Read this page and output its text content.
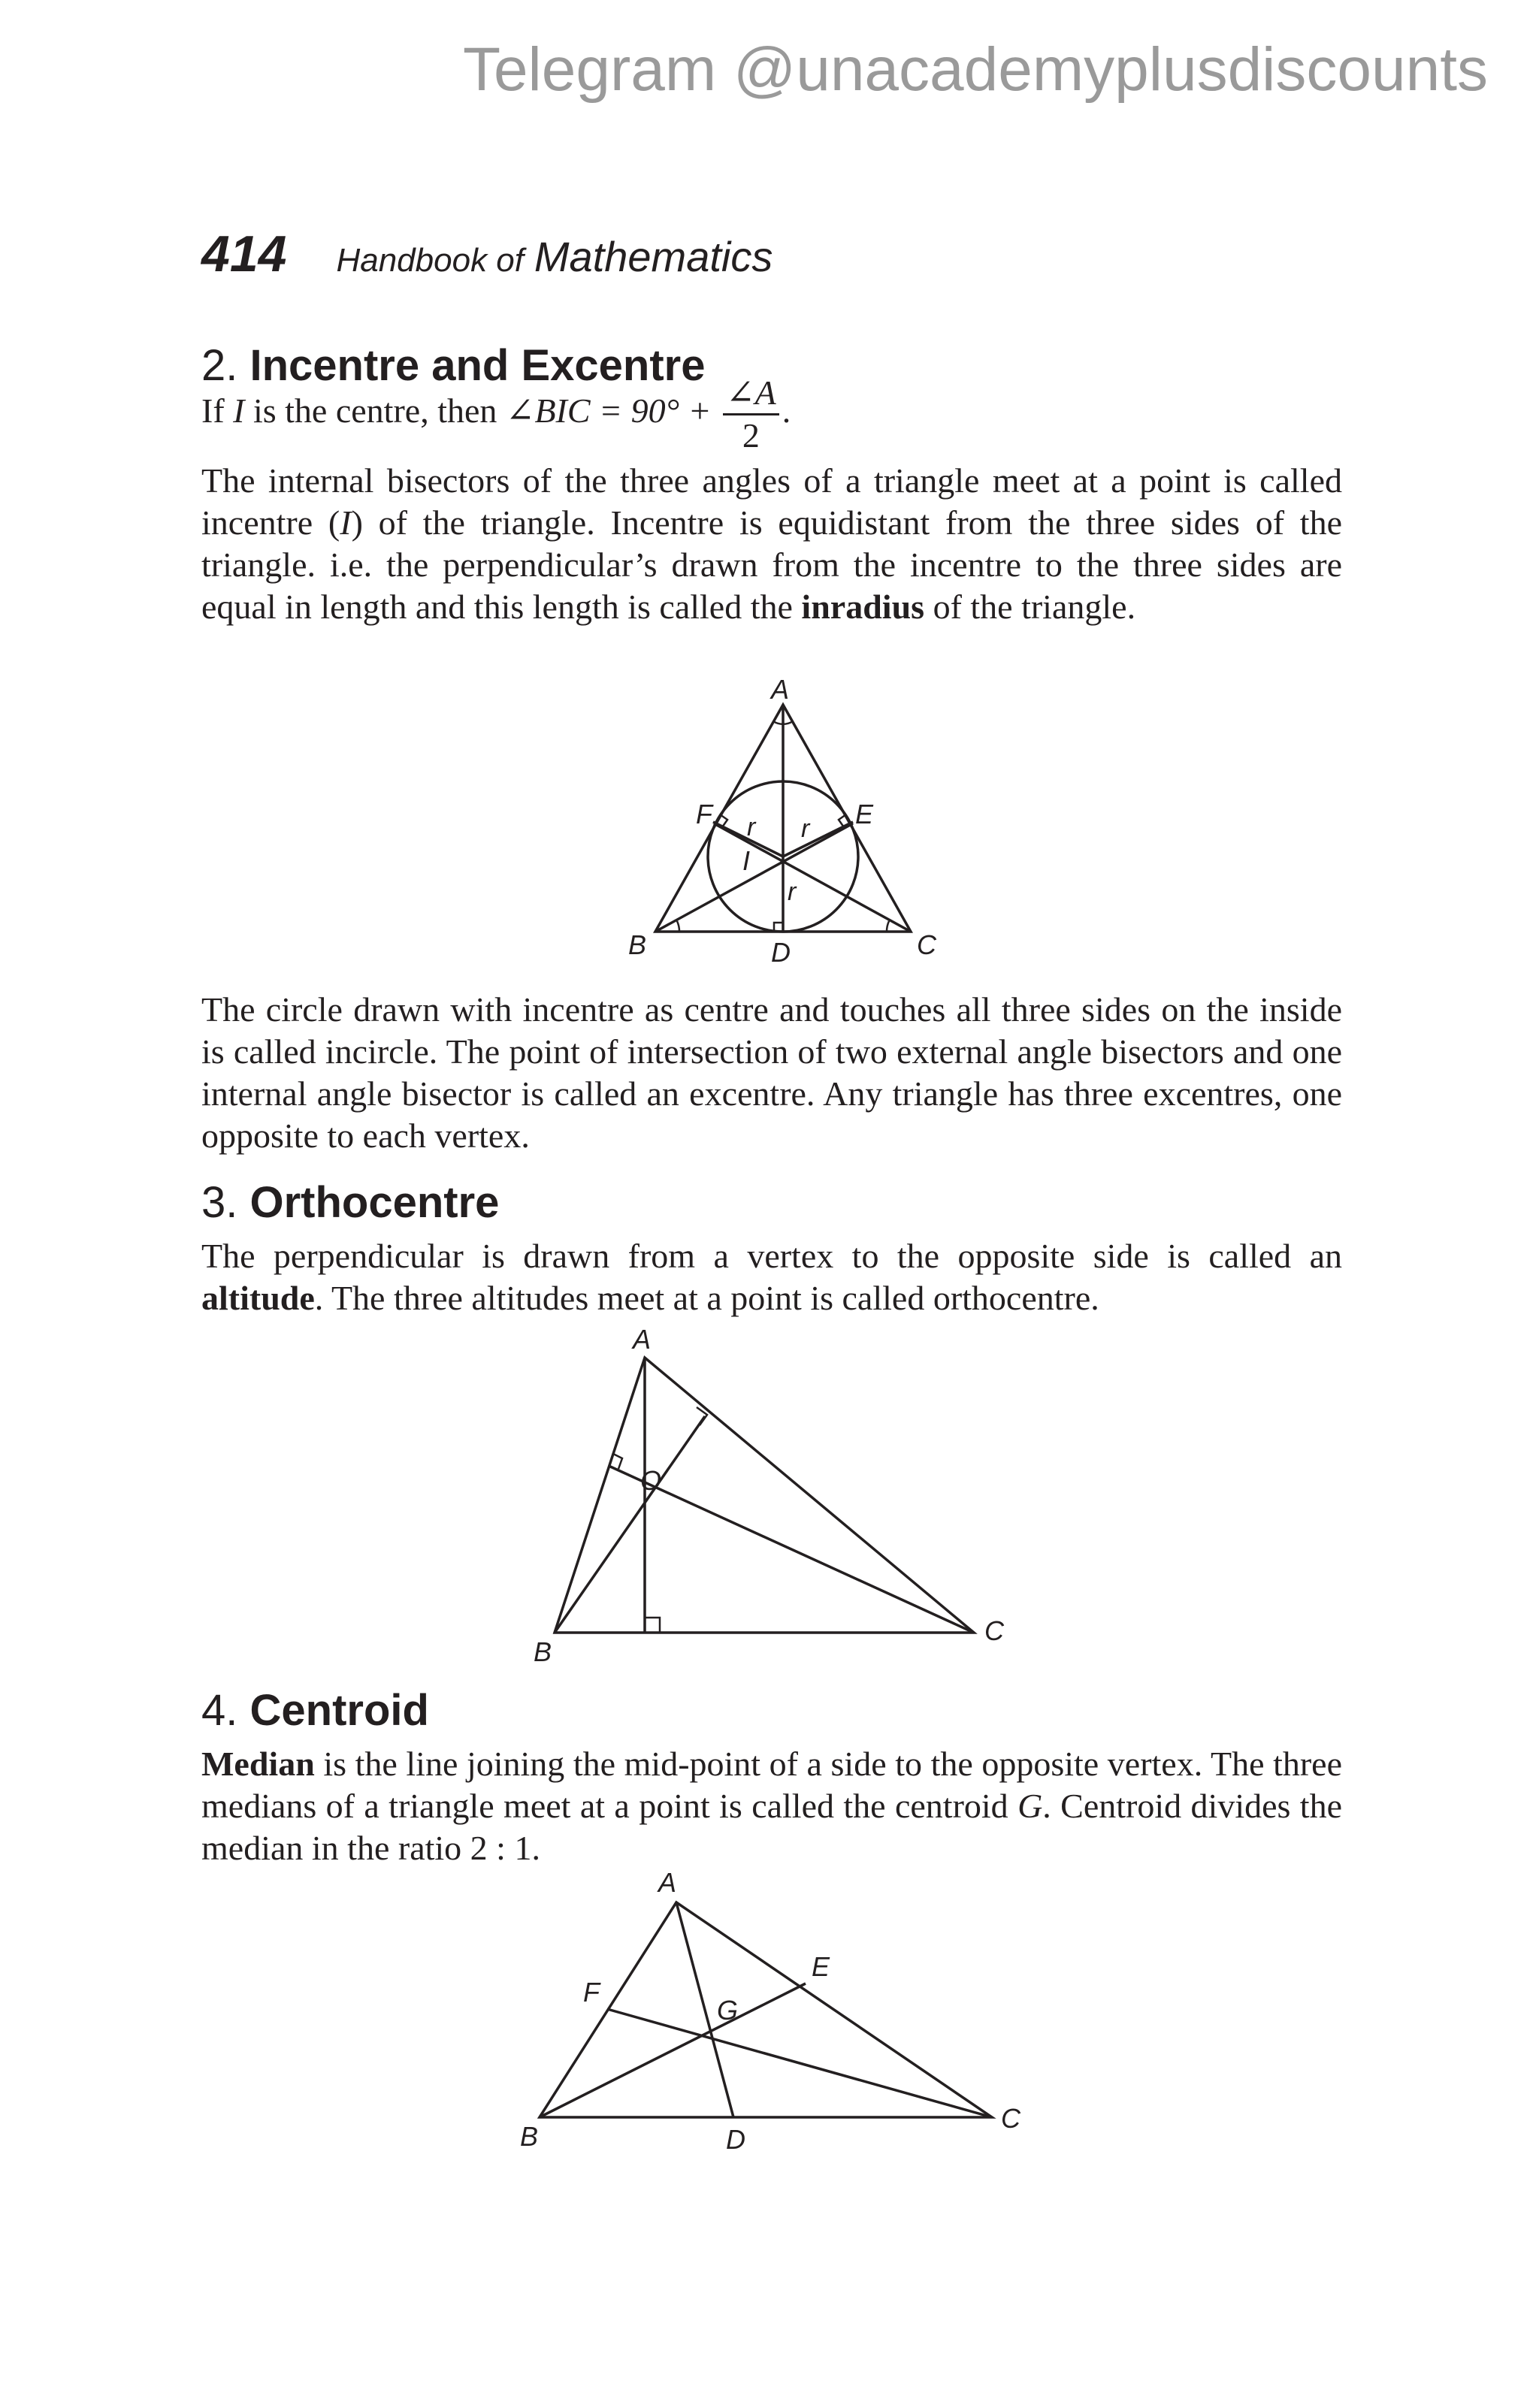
Telegram @unacademyplusdiscounts
414 Handbook of Mathematics
2. Incentre and Excentre
If I is the centre, then ∠BIC = $90^\circ + \frac{\angle A}{2}$ .

The internal bisectors of the three angles of a triangle meet at a point is called incentre (I) of the triangle. Incentre is equidistant from the three sides of the triangle. i.e. the perpendicular’s drawn from the incentre to the three sides are equal in length and this length is called the inradius of the triangle.

A
B	C
D
E
F
I
r r
r

The circle drawn with incentre as centre and touches all three sides on the inside is called incircle. The point of intersection of two external angle bisectors and one internal angle bisector is called an excentre. Any triangle has three excentres, one opposite to each vertex.

3. Orthocentre

The perpendicular is drawn from a vertex to the opposite side is called an altitude. The three altitudes meet at a point is called orthocentre.

A
B
C
O
4. Centroid

Median is the line joining the mid-point of a side to the opposite vertex. The three medians of a triangle meet at a point is called the centroid G. Centroid divides the median in the ratio 2 : 1.

A
B
C
D
E
F
G
